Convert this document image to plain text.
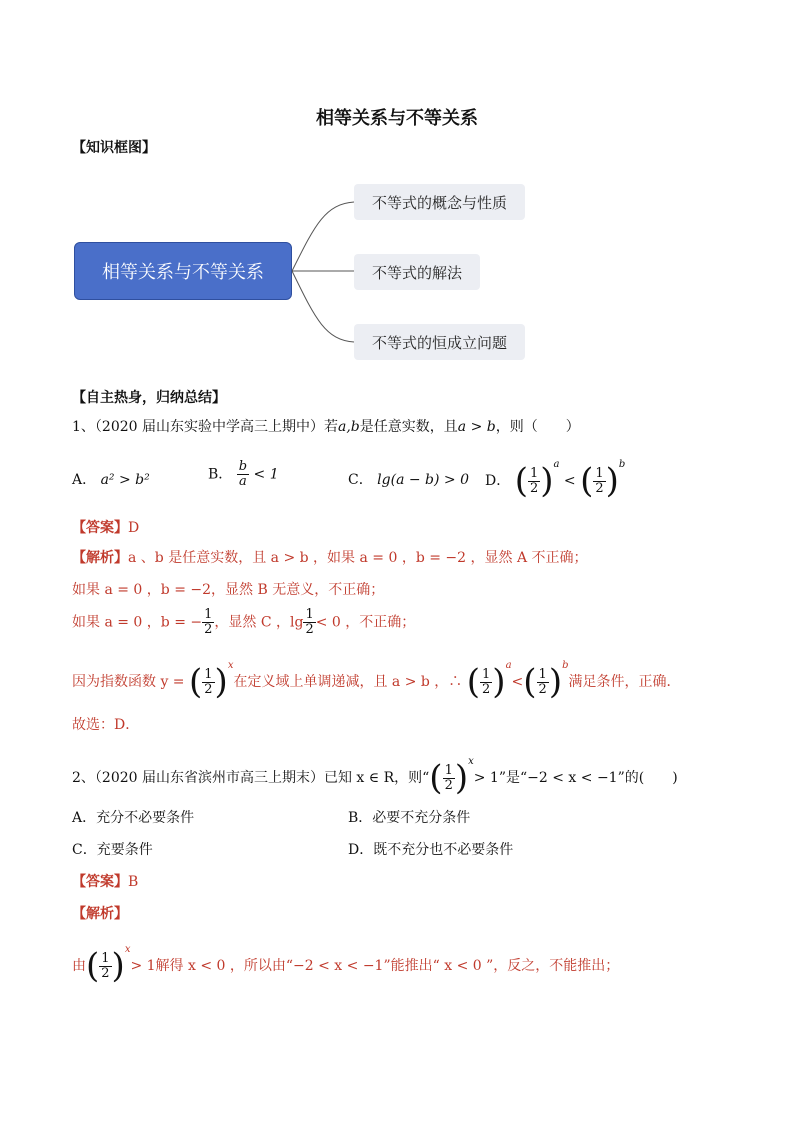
相等关系与不等关系
【知识框图】
相等关系与不等关系
不等式的概念与性质
不等式的解法
不等式的恒成立问题
【自主热身，归纳总结】
1、（2020 届山东实验中学高三上期中）若a,b是任意实数，且a > b，则（　　）
A． a² > b²	B． $\frac{b}{a} < 1$	C． lg(a − b) > 0 D． ( $\frac{1}{2} )^a$ < ( $\frac{1}{2} )^b$
【答案】D
【解析】a 、b 是任意实数，且 a > b ，如果 a = 0 ，b = −2 ，显然 A 不正确；
如果 a = 0 ，b = −2，显然 B 无意义，不正确；
如果 a = 0 ，b = − $\frac{1}{2}$ ，显然 C ，$\lg \frac{1}{2} < 0$ ，不正确；
因为指数函数 y = ( $\frac{1}{2} )^x$在定义域上单调递减，且 a > b ，∴ ( $\frac{1}{2} )^a<( \frac{1}{2} )^b$满足条件，正确．
故选：D．
2、（2020 届山东省滨州市高三上期末）已知 x ∈ R，则“( $\frac{1}{2} )^x> 1$”是“−2 < x < −1”的(　　)
A．充分不必要条件	B．必要不充分条件
C．充要条件	D．既不充分也不必要条件
【答案】B
【解析】
由( $\frac{1}{2} )^x> 1$解得 x < 0 ，所以由“−2 < x < −1”能推出“ x < 0 ”，反之，不能推出；
